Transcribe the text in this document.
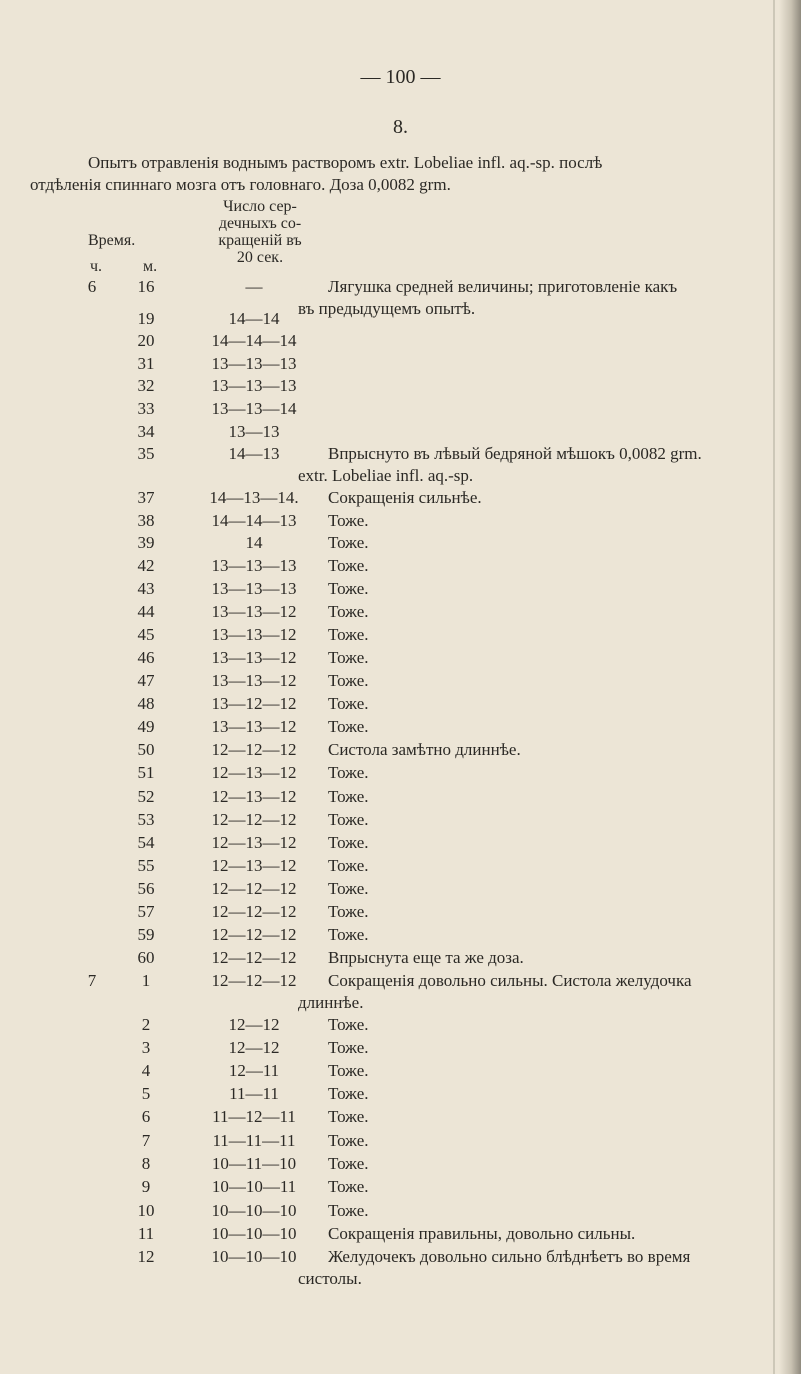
— 100 —
8.
Опытъ отравленія воднымъ растворомъ extr. Lobeliae infl. aq.-sp. послѣ
отдѣленія спиннаго мозга отъ головнаго. Доза 0,0082 grm.
Время.
Число сер-
дечныхъ со-
кращеній въ
20 сек.
ч.	м.
6	16	—	Лягушка средней величины; приготовленіе какъ
въ предыдущемъ опытѣ.
19	14—14
20	14—14—14
31	13—13—13
32	13—13—13
33	13—13—14
34	13—13
35	14—13	Впрыснуто въ лѣвый бедряной мѣшокъ 0,0082 grm.
extr. Lobeliae infl. aq.-sp.
37	14—13—14.	Сокращенія сильнѣе.
38	14—14—13	Тоже.
39	14	Тоже.
42	13—13—13	Тоже.
43	13—13—13	Тоже.
44	13—13—12	Тоже.
45	13—13—12	Тоже.
46	13—13—12	Тоже.
47	13—13—12	Тоже.
48	13—12—12	Тоже.
49	13—13—12	Тоже.
50	12—12—12	Систола замѣтно длиннѣе.
51	12—13—12	Тоже.
52	12—13—12	Тоже.
53	12—12—12	Тоже.
54	12—13—12	Тоже.
55	12—13—12	Тоже.
56	12—12—12	Тоже.
57	12—12—12	Тоже.
59	12—12—12	Тоже.
60	12—12—12	Впрыснута еще та же доза.
7	1	12—12—12	Сокращенія довольно сильны. Систола желудочка
длиннѣе.
2	12—12	Тоже.
3	12—12	Тоже.
4	12—11	Тоже.
5	11—11	Тоже.
6	11—12—11	Тоже.
7	11—11—11	Тоже.
8	10—11—10	Тоже.
9	10—10—11	Тоже.
10	10—10—10	Тоже.
11	10—10—10	Сокращенія правильны, довольно сильны.
12	10—10—10	Желудочекъ довольно сильно блѣднѣетъ во время
систолы.
